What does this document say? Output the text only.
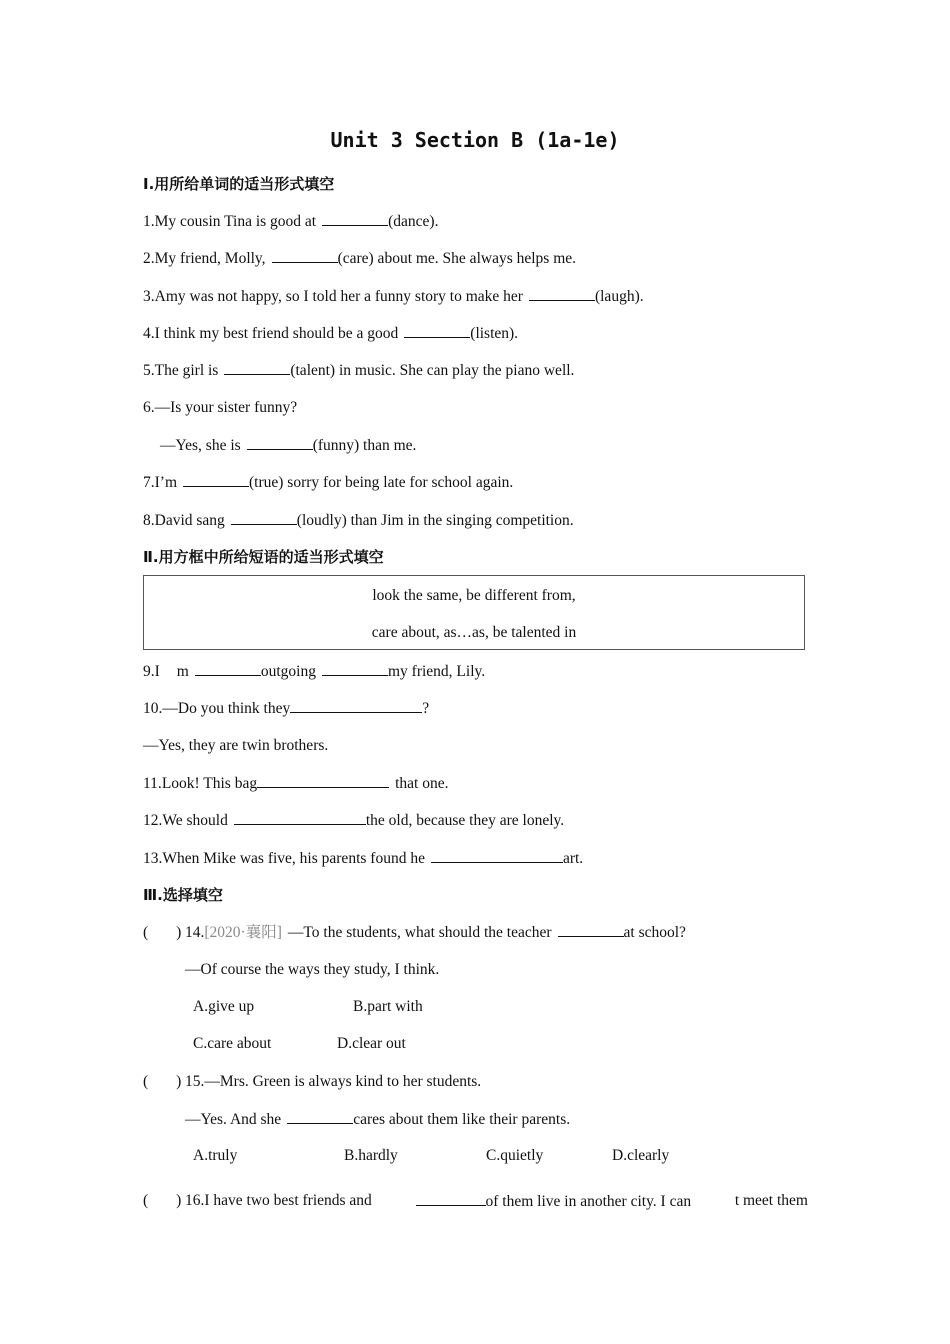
Unit 3 Section B (1a-1e)
Ⅰ.用所给单词的适当形式填空
1.My cousin Tina is good at	(dance).
2.My friend, Molly,	(care) about me. She always helps me.
3.Amy was not happy, so I told her a funny story to make her	(laugh).
4.I think my best friend should be a good	(listen).
5.The girl is	(talent) in music. She can play the piano well.
6.—Is your sister funny?
—Yes, she is	(funny) than me.
7.I’m	(true) sorry for being late for school again.
8.David sang	(loudly) than Jim in the singing competition.
Ⅱ.用方框中所给短语的适当形式填空
look the same, be different from,
care about, as…as, be talented in
9.I m	outgoing	my friend, Lily.
10.—Do you think they	?
—Yes, they are twin brothers.
11.Look! This bag	that one.
12.We should	the old, because they are lonely.
13.When Mike was five, his parents found he	art.
Ⅲ.选择填空
( ) 14.[2020·襄阳] —To the students, what should the teacher	at school?
—Of course the ways they study, I think.
A.give up	B.part with
C.care about	D.clear out
( ) 15.—Mrs. Green is always kind to her students.
—Yes. And she	cares about them like their parents.
A.truly	B.hardly	C.quietly	D.clearly
( ) 16.I have two best friends and	of them live in another city. I can	t meet them
